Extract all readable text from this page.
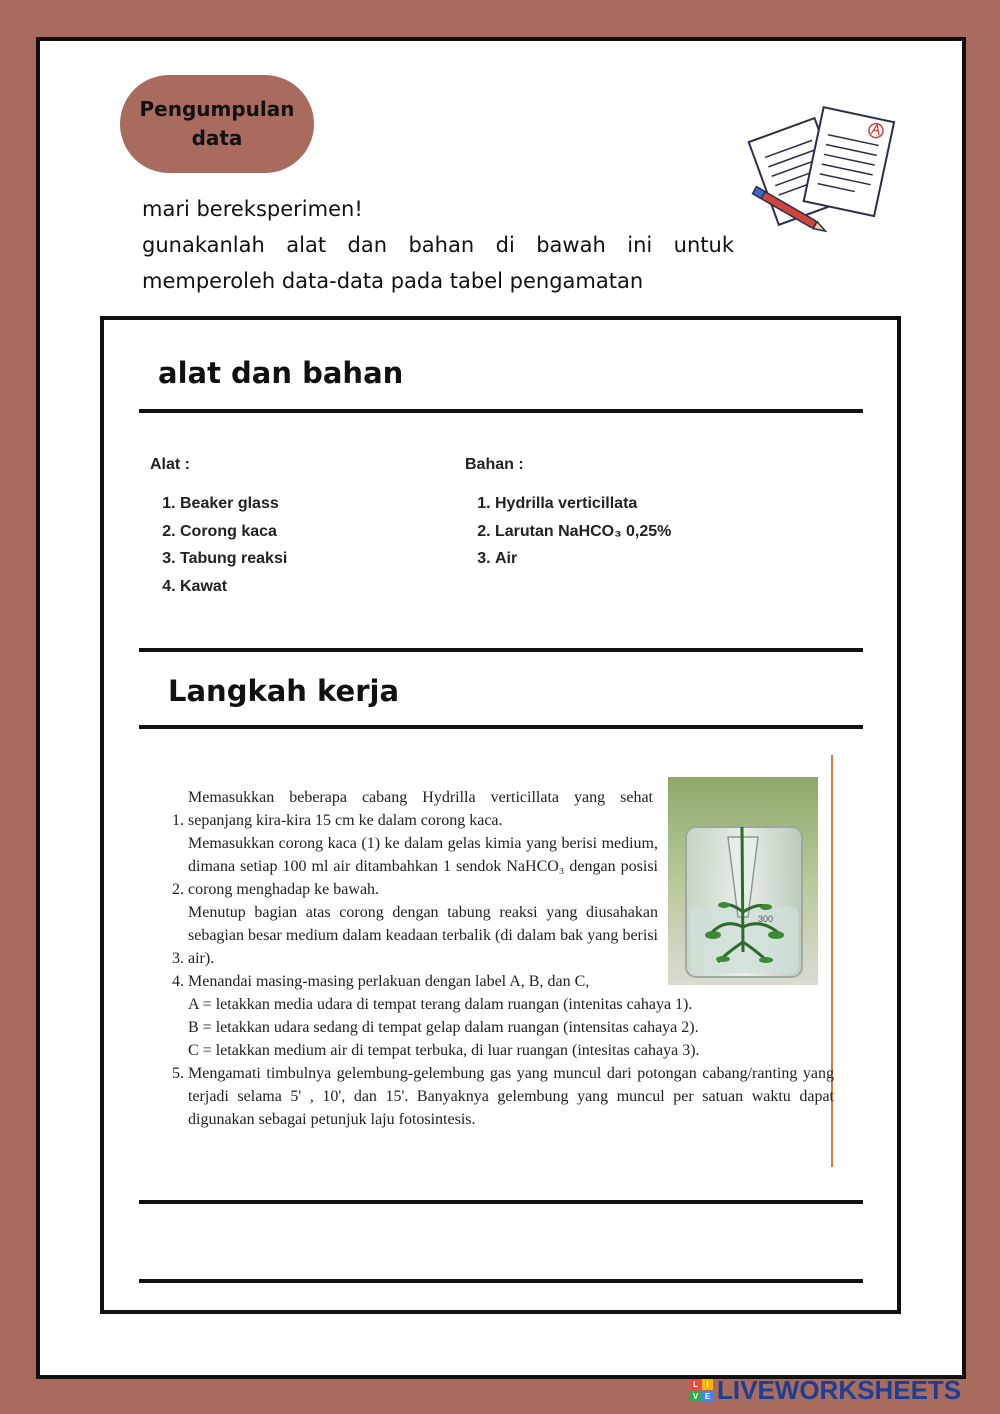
Pengumpulan
data
mari bereksperimen!
gunakanlah alat dan bahan di bawah ini untuk
memperoleh data-data pada tabel pengamatan
alat dan bahan
Alat :
1. Beaker glass
2. Corong kaca
3. Tabung reaksi
4. Kawat
Bahan :
1. Hydrilla verticillata
2. Larutan NaHCO₃ 0,25%
3. Air
Langkah kerja
300
1. Memasukkan beberapa cabang Hydrilla verticillata yang sehat sepanjang kira-kira 15 cm ke dalam corong kaca.
2. Memasukkan corong kaca (1) ke dalam gelas kimia yang berisi medium, dimana setiap 100 ml air ditambahkan 1 sendok NaHCO₃ dengan posisi corong menghadap ke bawah.
3. Menutup bagian atas corong dengan tabung reaksi yang diusahakan sebagian besar medium dalam keadaan terbalik (di dalam bak yang berisi air).
4. Menandai masing-masing perlakuan dengan label A, B, dan C,
A = letakkan media udara di tempat terang dalam ruangan (intenitas cahaya 1).
B = letakkan udara sedang di tempat gelap dalam ruangan (intensitas cahaya 2).
C = letakkan medium air di tempat terbuka, di luar ruangan (intesitas cahaya 3).
5. Mengamati timbulnya gelembung-gelembung gas yang muncul dari potongan cabang/ranting yang terjadi selama 5' , 10', dan 15'. Banyaknya gelembung yang muncul per satuan waktu dapat digunakan sebagai petunjuk laju fotosintesis.
L	I
V E LIVEWORKSHEETS
